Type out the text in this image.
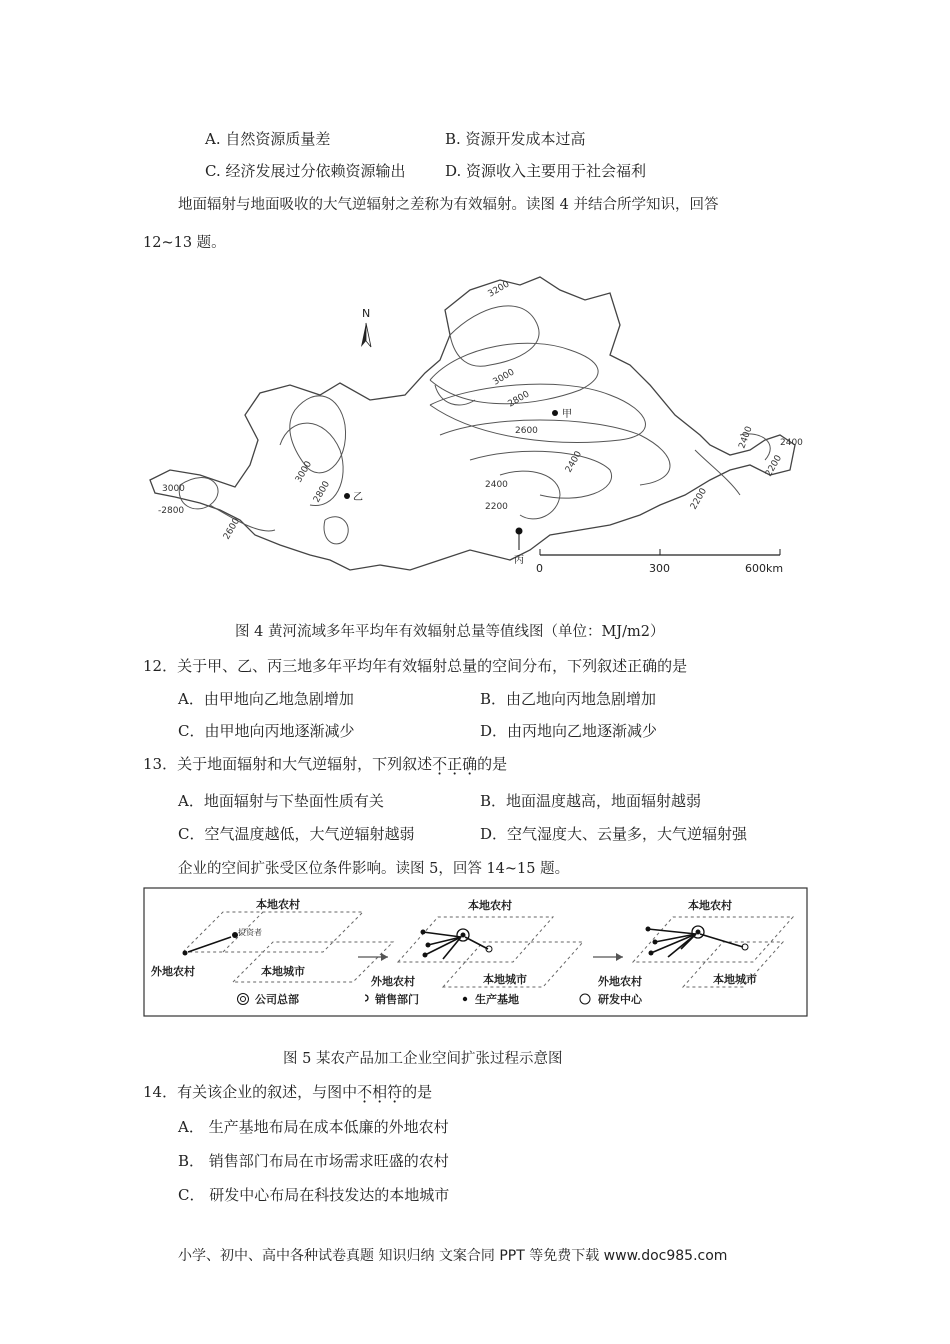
A. 自然资源质量差	B. 资源开发成本过高
C. 经济发展过分依赖资源输出	D. 资源收入主要用于社会福利
地面辐射与地面吸收的大气逆辐射之差称为有效辐射。读图 4 并结合所学知识，回答
12~13 题。
3200
3000
2800
2600
2400
2400
2200
3000
2800
3000
-2800
2600
2400	2400
2200
2200
N
甲
乙
丙
0	300	600km
图 4 黄河流域多年平均年有效辐射总量等值线图（单位：MJ/m2）
12．关于甲、乙、丙三地多年平均年有效辐射总量的空间分布，下列叙述正确的是
A．由甲地向乙地急剧增加	B．由乙地向丙地急剧增加
C．由甲地向丙地逐渐减少	D．由丙地向乙地逐渐减少
13．关于地面辐射和大气逆辐射，下列叙述不正确的是
A．地面辐射与下垫面性质有关	B．地面温度越高，地面辐射越弱
C．空气温度越低，大气逆辐射越弱	D．空气湿度大、云量多，大气逆辐射强
企业的空间扩张受区位条件影响。读图 5，回答 14~15 题。
本地农村
外地农村	本地城市
投资者
本地农村
外地农村	本地城市
本地农村
外地农村	本地城市
公司总部	销售部门	生产基地	研发中心
图 5 某农产品加工企业空间扩张过程示意图
14．有关该企业的叙述，与图中不相符的是
A． 生产基地布局在成本低廉的外地农村
B． 销售部门布局在市场需求旺盛的农村
C． 研发中心布局在科技发达的本地城市
小学、初中、高中各种试卷真题 知识归纳 文案合同 PPT 等免费下载 www.doc985.com
